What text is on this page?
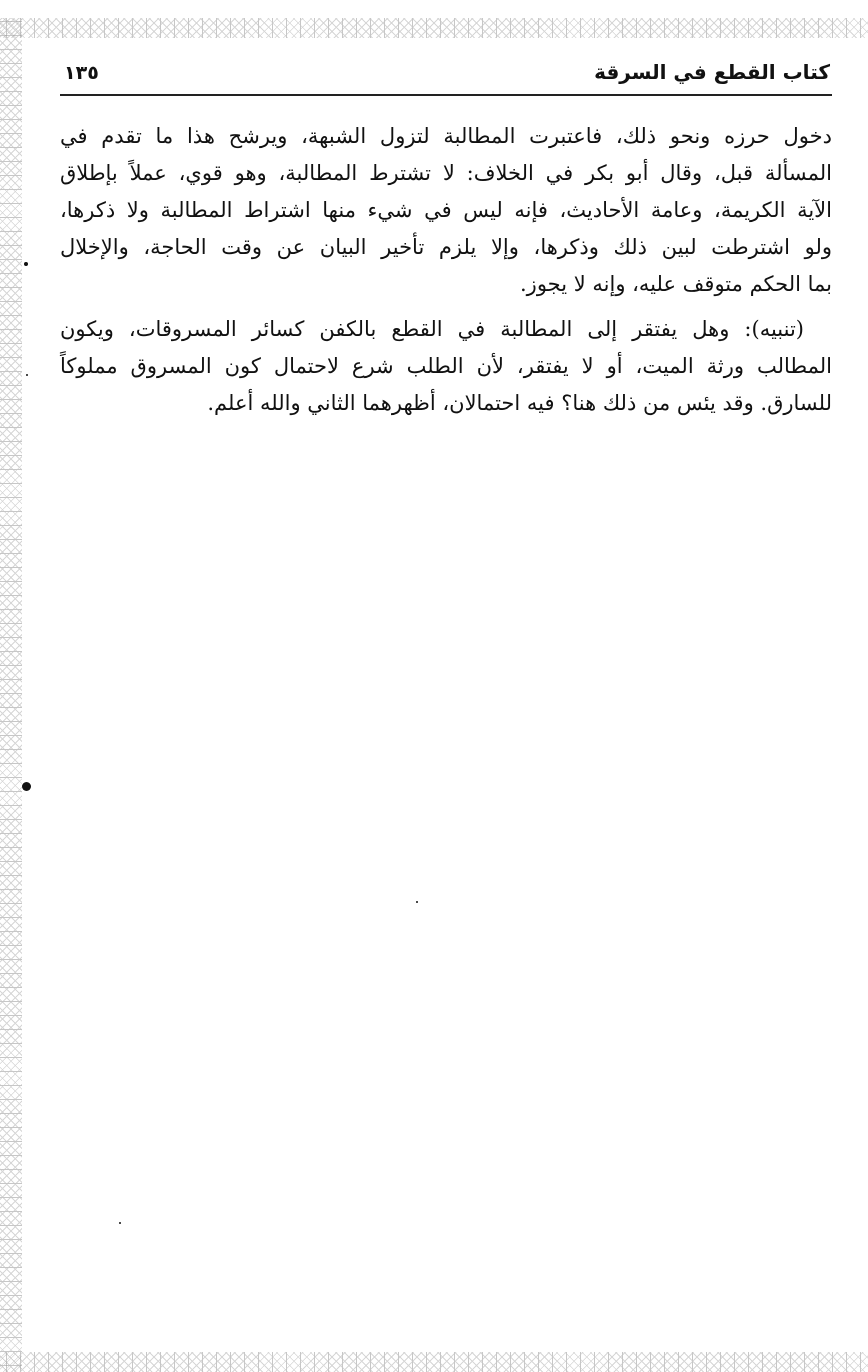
١٣٥	كتاب القطع في السرقة

دخول حرزه ونحو ذلك، فاعتبرت المطالبة لتزول الشبهة، ويرشح هذا ما تقدم في
المسألة قبل، وقال أبو بكر في الخلاف: لا تشترط المطالبة، وهو قوي، عملاً بإطلاق
الآية الكريمة، وعامة الأحاديث، فإنه ليس في شيء منها اشتراط المطالبة ولا ذكرها،
ولو اشترطت لبين ذلك وذكرها، وإلا يلزم تأخير البيان عن وقت الحاجة، والإخلال
بما الحكم متوقف عليه، وإنه لا يجوز.

(تنبيه): وهل يفتقر إلى المطالبة في القطع بالكفن كسائر المسروقات، ويكون
المطالب ورثة الميت، أو لا يفتقر، لأن الطلب شرع لاحتمال كون المسروق مملوكاً
للسارق. وقد يئس من ذلك هنا؟ فيه احتمالان، أظهرهما الثاني والله أعلم.
